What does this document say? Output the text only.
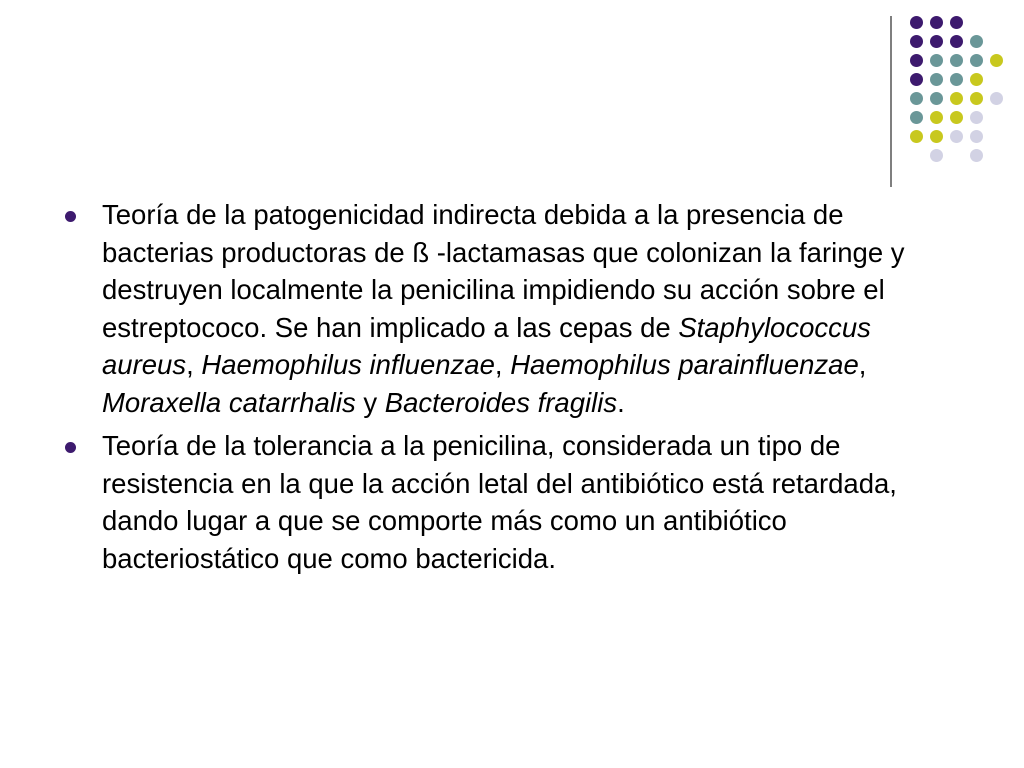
Teoría de la patogenicidad indirecta debida a la presencia de bacterias productoras de ß -lactamasas que colonizan la faringe y destruyen localmente la penicilina impidiendo su acción sobre el estreptococo. Se han implicado a las cepas de Staphylococcus aureus, Haemophilus influenzae, Haemophilus parainfluenzae, Moraxella catarrhalis y Bacteroides fragilis.
Teoría de la tolerancia a la penicilina, considerada un tipo de resistencia en la que la acción letal del antibiótico está retardada, dando lugar a que se comporte más como un antibiótico bacteriostático que como bactericida.
